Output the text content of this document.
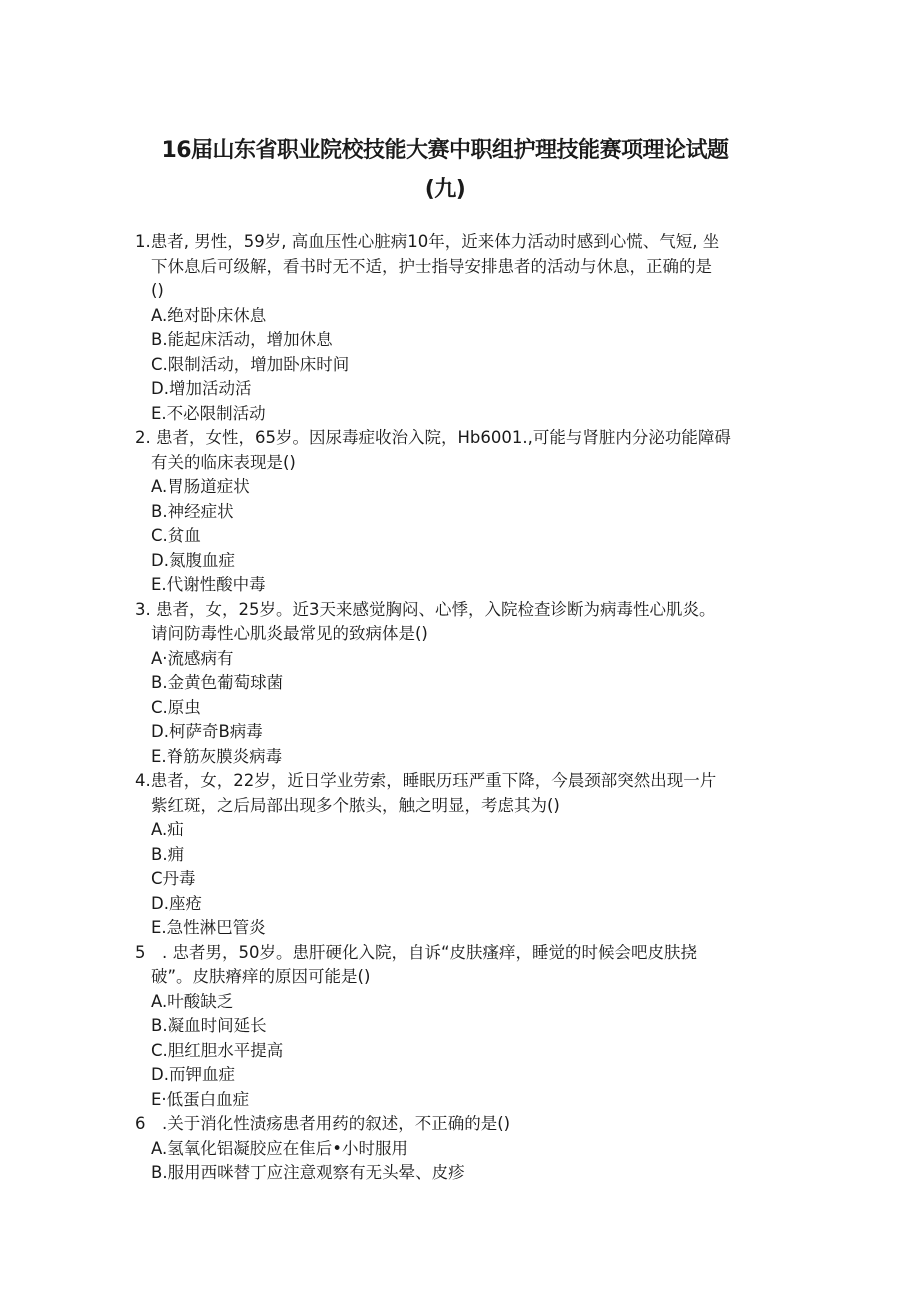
16届山东省职业院校技能大赛中职组护理技能赛项理论试题
(九)
1.患者, 男性，59岁, 高血压性心脏病10年，近来体力活动时感到心慌、气短, 坐
下休息后可级解，看书时无不适，护士指导安排患者的活动与休息，正确的是
()
A.绝对卧床休息
B.能起床活动，增加休息
C.限制活动，增加卧床时间
D.增加活动活
E.不必限制活动
2. 患者，女性，65岁。因尿毒症收治入院，Hb6001.,可能与肾脏内分泌功能障碍
有关的临床表现是()
A.胃肠道症状
B.神经症状
C.贫血
D.氮腹血症
E.代谢性酸中毒
3. 患者，女，25岁。近3天来感觉胸闷、心悸，入院检查诊断为病毒性心肌炎。
请问防毒性心肌炎最常见的致病体是()
A·流感病有
B.金黄色葡萄球菌
C.原虫
D.柯萨奇B病毒
E.脊筋灰膜炎病毒
4.患者，女，22岁，近日学业劳索，睡眠历珏严重下降，今晨颈部突然出现一片
紫红斑，之后局部出现多个脓头，触之明显，考虑其为()
A.疝
B.痈
C丹毒
D.座疮
E.急性淋巴管炎
5　. 忠者男，50岁。患肝硬化入院，自诉“皮肤瘙痒，睡觉的时候会吧皮肤挠
破”。皮肤瘠痒的原因可能是()
A.叶酸缺乏
B.凝血时间延长
C.胆红胆水平提高
D.而钾血症
E·低蛋白血症
6　.关于消化性渍疡患者用药的叙述，不正确的是()
A.氢氧化铝凝胶应在隹后•小时服用
B.服用西咪替丁应注意观察有无头晕、皮疹
